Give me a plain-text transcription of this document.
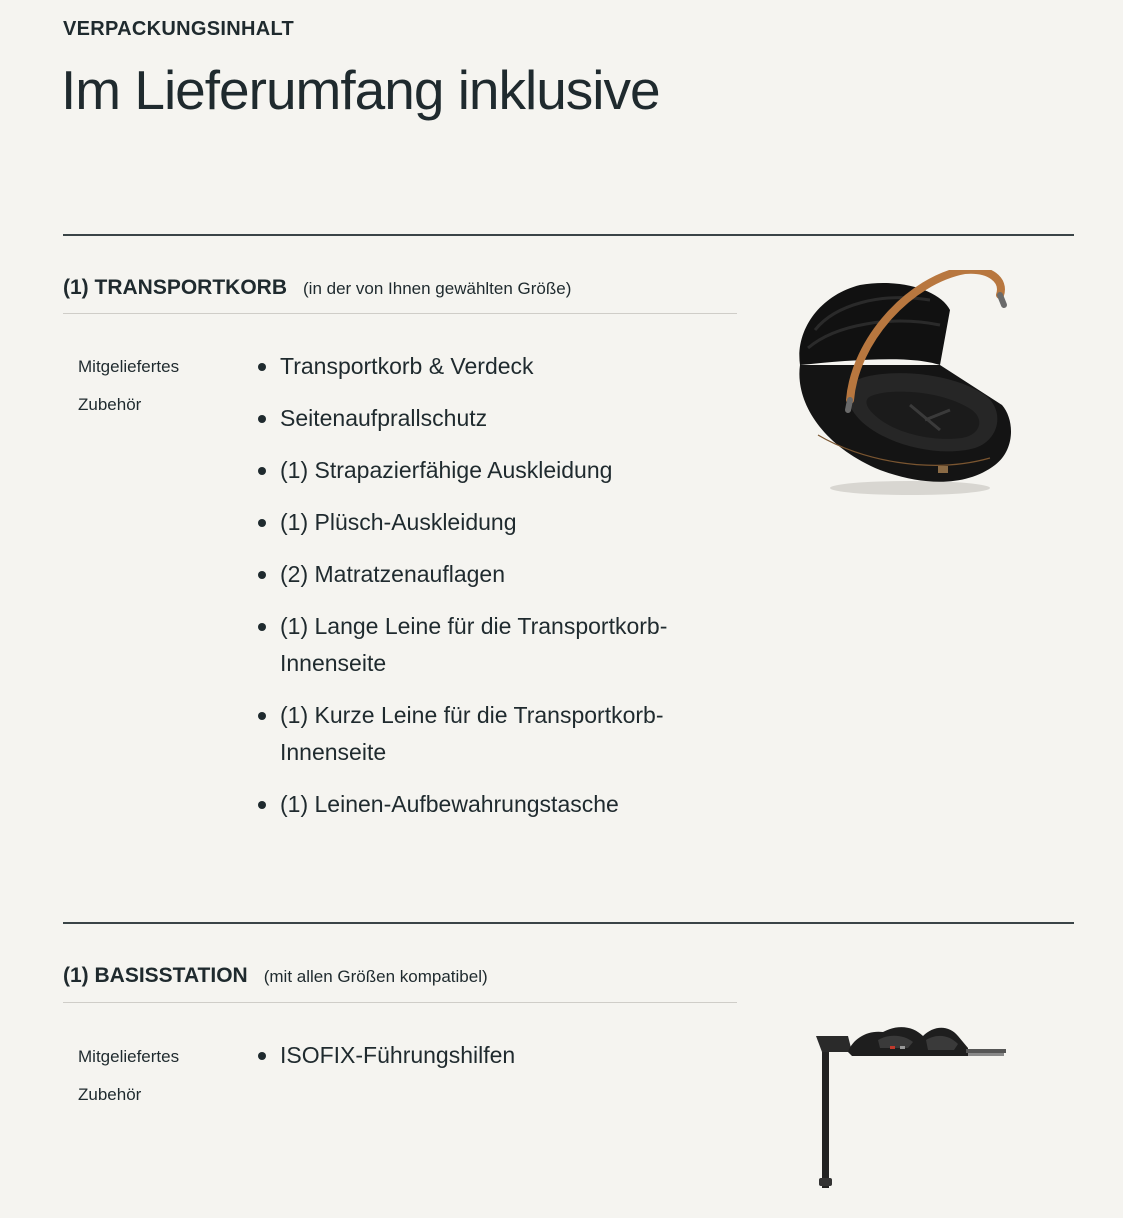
VERPACKUNGSINHALT
Im Lieferumfang inklusive
(1) TRANSPORTKORB (in der von Ihnen gewählten Größe)
Mitgeliefertes
Zubehör
Transportkorb & Verdeck
Seitenaufprallschutz
(1) Strapazierfähige Auskleidung
(1) Plüsch-Auskleidung
(2) Matratzenauflagen
(1) Lange Leine für die Transportkorb-Innenseite
(1) Kurze Leine für die Transportkorb-Innenseite
(1) Leinen-Aufbewahrungstasche
(1) BASISSTATION (mit allen Größen kompatibel)
Mitgeliefertes
Zubehör
ISOFIX-Führungshilfen
